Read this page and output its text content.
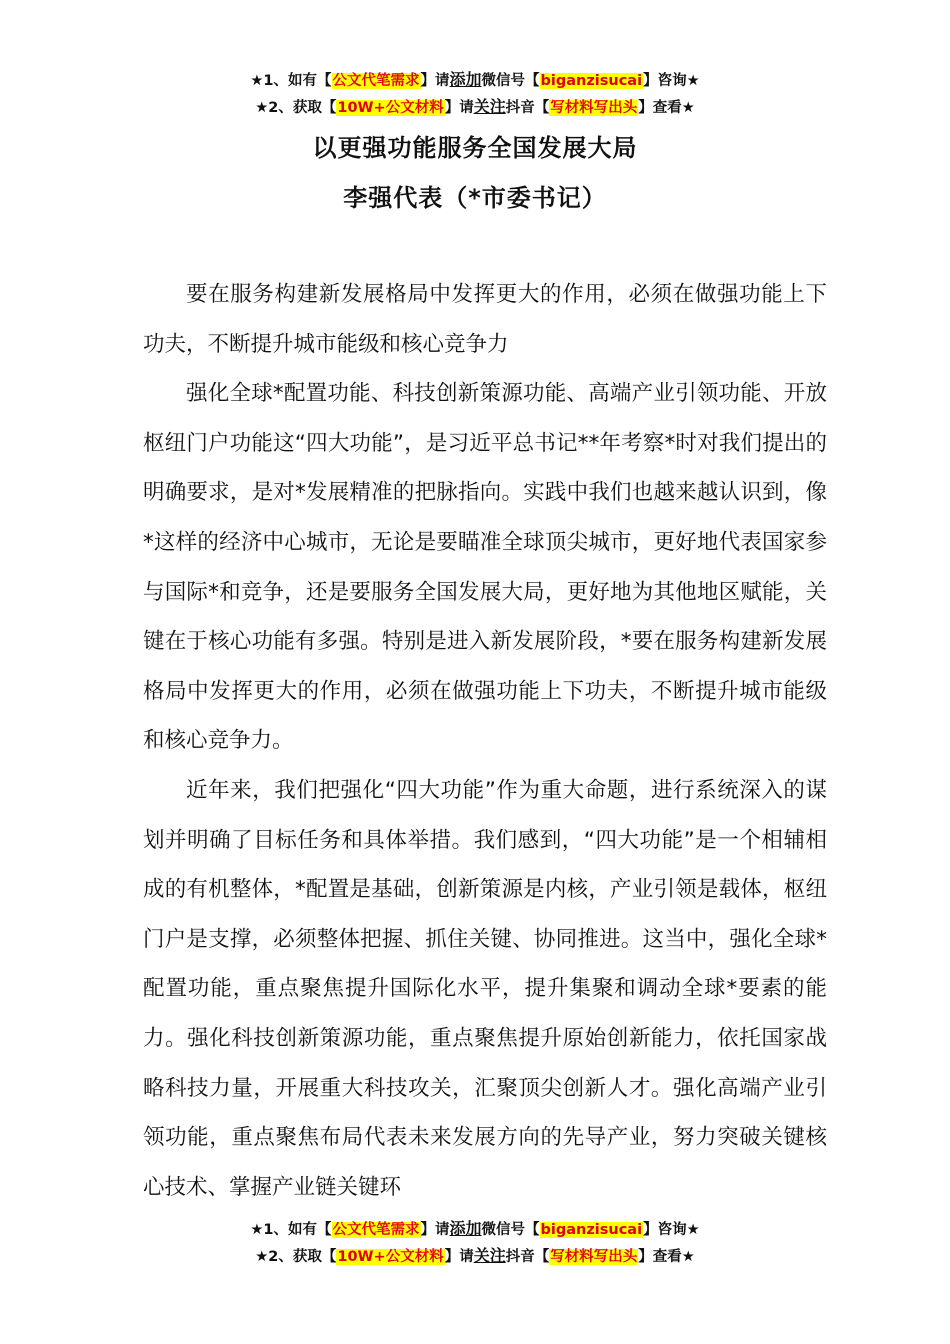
★1、如有【公文代笔需求】请添加微信号【biganzisucai】咨询★
★2、获取【10W+公文材料】请关注抖音【写材料写出头】查看★
以更强功能服务全国发展大局
李强代表（*市委书记）

要在服务构建新发展格局中发挥更大的作用，必须在做强功能上下功夫，不断提升城市能级和核心竞争力

强化全球*配置功能、科技创新策源功能、高端产业引领功能、开放枢纽门户功能这“四大功能”，是习近平总书记**年考察*时对我们提出的明确要求，是对*发展精准的把脉指向。实践中我们也越来越认识到，像*这样的经济中心城市，无论是要瞄准全球顶尖城市，更好地代表国家参与国际*和竞争，还是要服务全国发展大局，更好地为其他地区赋能，关键在于核心功能有多强。特别是进入新发展阶段，*要在服务构建新发展格局中发挥更大的作用，必须在做强功能上下功夫，不断提升城市能级和核心竞争力。

近年来，我们把强化“四大功能”作为重大命题，进行系统深入的谋划并明确了目标任务和具体举措。我们感到，“四大功能”是一个相辅相成的有机整体，*配置是基础，创新策源是内核，产业引领是载体，枢纽门户是支撑，必须整体把握、抓住关键、协同推进。这当中，强化全球*配置功能，重点聚焦提升国际化水平，提升集聚和调动全球*要素的能力。强化科技创新策源功能，重点聚焦提升原始创新能力，依托国家战略科技力量，开展重大科技攻关，汇聚顶尖创新人才。强化高端产业引领功能，重点聚焦布局代表未来发展方向的先导产业，努力突破关键核心技术、掌握产业链关键环

★1、如有【公文代笔需求】请添加微信号【biganzisucai】咨询★
★2、获取【10W+公文材料】请关注抖音【写材料写出头】查看★
